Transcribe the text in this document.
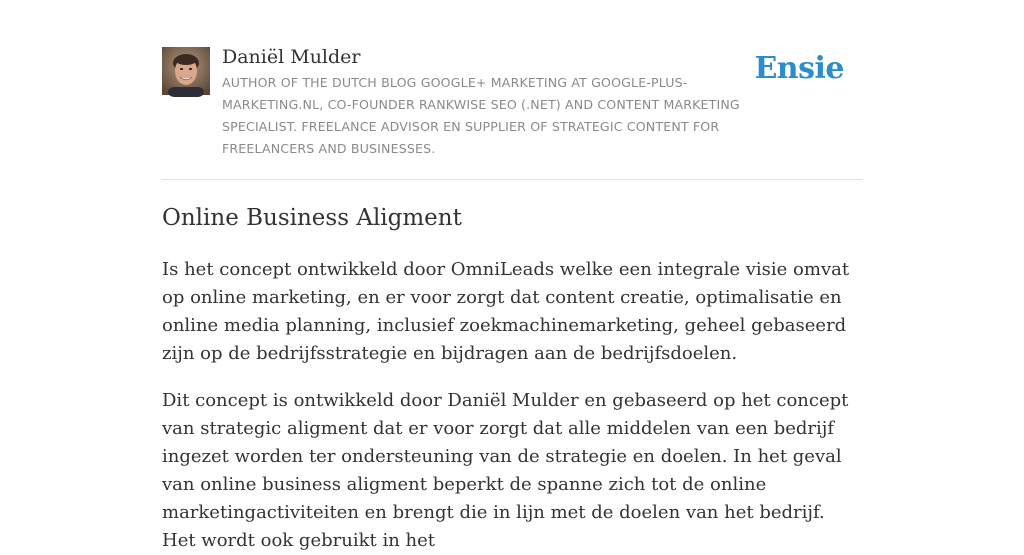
Daniël Mulder
AUTHOR OF THE DUTCH BLOG GOOGLE+ MARKETING AT GOOGLE-PLUS-MARKETING.NL, CO-FOUNDER RANKWISE SEO (.NET) AND CONTENT MARKETING SPECIALIST. FREELANCE ADVISOR EN SUPPLIER OF STRATEGIC CONTENT FOR FREELANCERS AND BUSINESSES.
Ensie
Online Business Aligment

Is het concept ontwikkeld door OmniLeads welke een integrale visie omvat op online marketing, en er voor zorgt dat content creatie, optimalisatie en online media planning, inclusief zoekmachinemarketing, geheel gebaseerd zijn op de bedrijfsstrategie en bijdragen aan de bedrijfsdoelen.

Dit concept is ontwikkeld door Daniël Mulder en gebaseerd op het concept van strategic aligment dat er voor zorgt dat alle middelen van een bedrijf ingezet worden ter ondersteuning van de strategie en doelen. In het geval van online business aligment beperkt de spanne zich tot de online marketingactiviteiten en brengt die in lijn met de doelen van het bedrijf. Het wordt ook gebruikt in het
